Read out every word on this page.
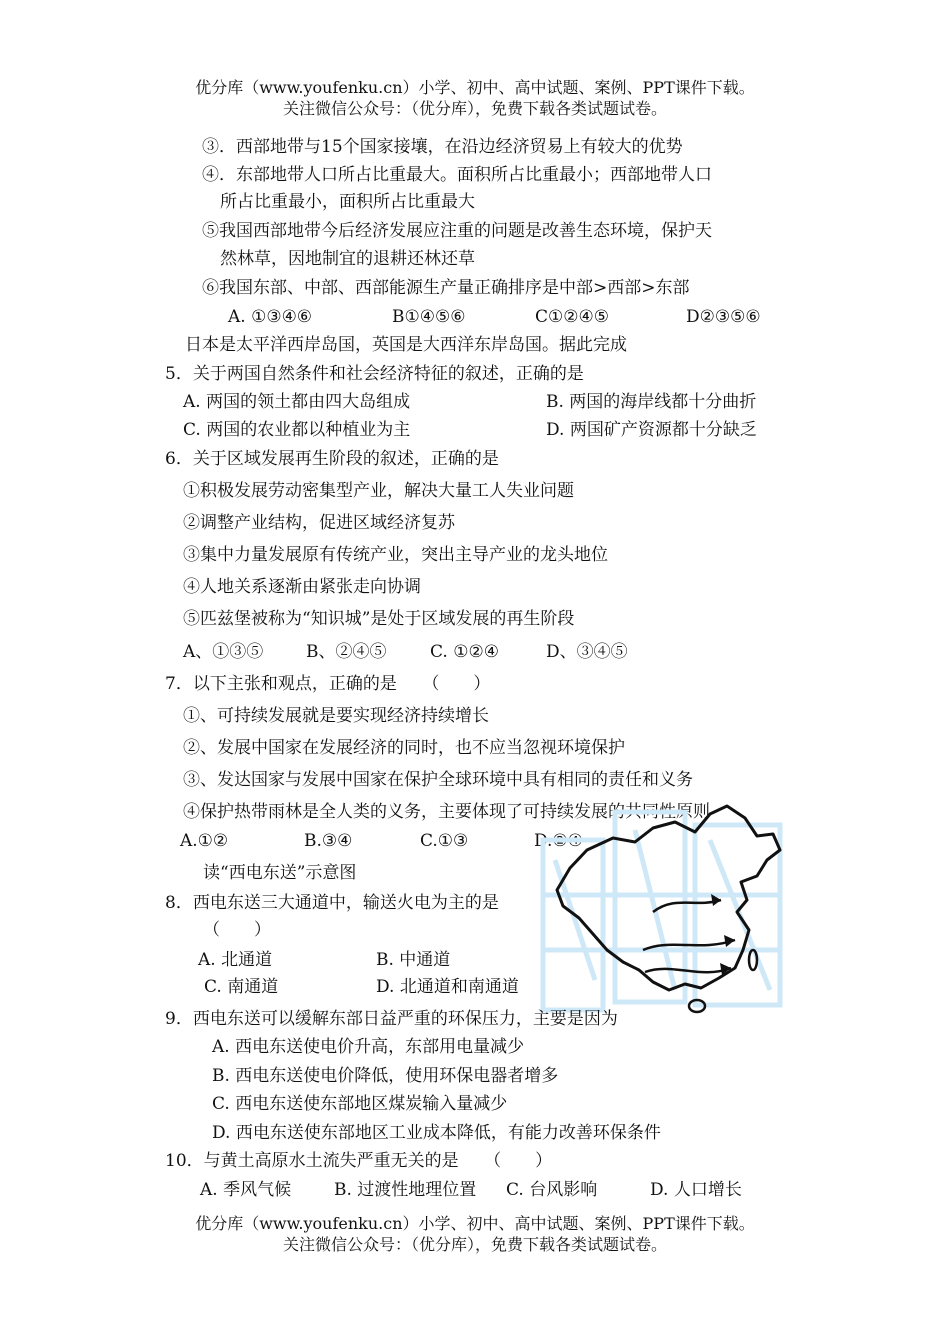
优分库（www.youfenku.cn）小学、初中、高中试题、案例、PPT课件下载。
关注微信公众号：（优分库），免费下载各类试题试卷。
③．西部地带与15个国家接壤，在沿边经济贸易上有较大的优势
④．东部地带人口所占比重最大。面积所占比重最小；西部地带人口
所占比重最小，面积所占比重最大
⑤我国西部地带今后经济发展应注重的问题是改善生态环境，保护天
然林草，因地制宜的退耕还林还草
⑥我国东部、中部、西部能源生产量正确排序是中部>西部>东部
A. ①③④⑥	B①④⑤⑥	C①②④⑤	D②③⑤⑥
日本是太平洋西岸岛国，英国是大西洋东岸岛国。据此完成
5．关于两国自然条件和社会经济特征的叙述，正确的是
A. 两国的领土都由四大岛组成	B. 两国的海岸线都十分曲折
C. 两国的农业都以种植业为主	D. 两国矿产资源都十分缺乏
6．关于区域发展再生阶段的叙述，正确的是
①积极发展劳动密集型产业，解决大量工人失业问题
②调整产业结构，促进区域经济复苏
③集中力量发展原有传统产业，突出主导产业的龙头地位
④人地关系逐渐由紧张走向协调
⑤匹兹堡被称为“知识城”是处于区域发展的再生阶段
A、①③⑤	B、②④⑤	C. ①②④	D、③④⑤
7．以下主张和观点，正确的是　　（　　）
①、可持续发展就是要实现经济持续增长
②、发展中国家在发展经济的同时，也不应当忽视环境保护
③、发达国家与发展中国家在保护全球环境中具有相同的责任和义务
④保护热带雨林是全人类的义务，主要体现了可持续发展的共同性原则
A.①②	B.③④	C.①③	D.②④
读“西电东送”示意图
8．西电东送三大通道中，输送火电为主的是
（　　）
A. 北通道	B. 中通道
C. 南通道	D. 北通道和南通道
9．西电东送可以缓解东部日益严重的环保压力，主要是因为
A. 西电东送使电价升高，东部用电量减少
B. 西电东送使电价降低，使用环保电器者增多
C. 西电东送使东部地区煤炭输入量减少
D. 西电东送使东部地区工业成本降低，有能力改善环保条件
10．与黄土高原水土流失严重无关的是　　（　　）
A. 季风气候	B. 过渡性地理位置 C. 台风影响	D. 人口增长
优分库（www.youfenku.cn）小学、初中、高中试题、案例、PPT课件下载。
关注微信公众号：（优分库），免费下载各类试题试卷。
